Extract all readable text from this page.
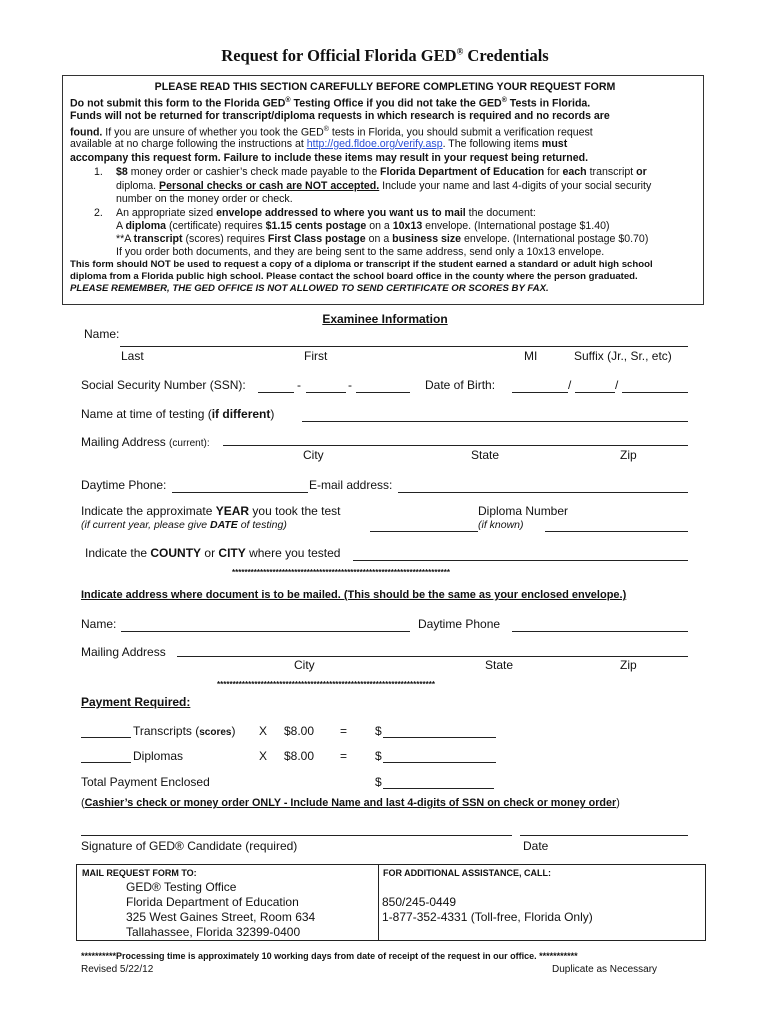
Request for Official Florida GED® Credentials
PLEASE READ THIS SECTION CAREFULLY BEFORE COMPLETING YOUR REQUEST FORM
Do not submit this form to the Florida GED® Testing Office if you did not take the GED® Tests in Florida.
Funds will not be returned for transcript/diploma requests in which research is required and no records are
found. If you are unsure of whether you took the GED® tests in Florida, you should submit a verification request
available at no charge following the instructions at http://ged.fldoe.org/verify.asp. The following items must
accompany this request form. Failure to include these items may result in your request being returned.
1. $8 money order or cashier’s check made payable to the Florida Department of Education for each transcript or
diploma. Personal checks or cash are NOT accepted. Include your name and last 4-digits of your social security
number on the money order or check.
2. An appropriate sized envelope addressed to where you want us to mail the document:
A diploma (certificate) requires $1.15 cents postage on a 10x13 envelope. (International postage $1.40)
**A transcript (scores) requires First Class postage on a business size envelope. (International postage $0.70)
If you order both documents, and they are being sent to the same address, send only a 10x13 envelope.
This form should NOT be used to request a copy of a diploma or transcript if the student earned a standard or adult high school
diploma from a Florida public high school. Please contact the school board office in the county where the person graduated.
PLEASE REMEMBER, THE GED OFFICE IS NOT ALLOWED TO SEND CERTIFICATE OR SCORES BY FAX.
Examinee Information
Name:
Last	First	MI	Suffix (Jr., Sr., etc)
Social Security Number (SSN):	-	-	Date of Birth:	/	/
Name at time of testing (if different)
Mailing Address (current):
City	State	Zip
Daytime Phone:	E-mail address:
Indicate the approximate YEAR you took the test
(if current year, please give DATE of testing)
Diploma Number
(if known)
Indicate the COUNTY or CITY where you tested
**********************************************************************
Indicate address where document is to be mailed. (This should be the same as your enclosed envelope.)
Name:	Daytime Phone
Mailing Address
City	State	Zip
**********************************************************************
Payment Required:
Transcripts (scores) X $8.00 = $
Diplomas	X $8.00 = $
Total Payment Enclosed	$
(Cashier’s check or money order ONLY - Include Name and last 4-digits of SSN on check or money order)
Signature of GED® Candidate (required)	Date
MAIL REQUEST FORM TO:
GED® Testing Office
Florida Department of Education
325 West Gaines Street, Room 634
Tallahassee, Florida 32399-0400
FOR ADDITIONAL ASSISTANCE, CALL:
850/245-0449
1-877-352-4331 (Toll-free, Florida Only)
**********Processing time is approximately 10 working days from date of receipt of the request in our office. ***********
Revised 5/22/12	Duplicate as Necessary
